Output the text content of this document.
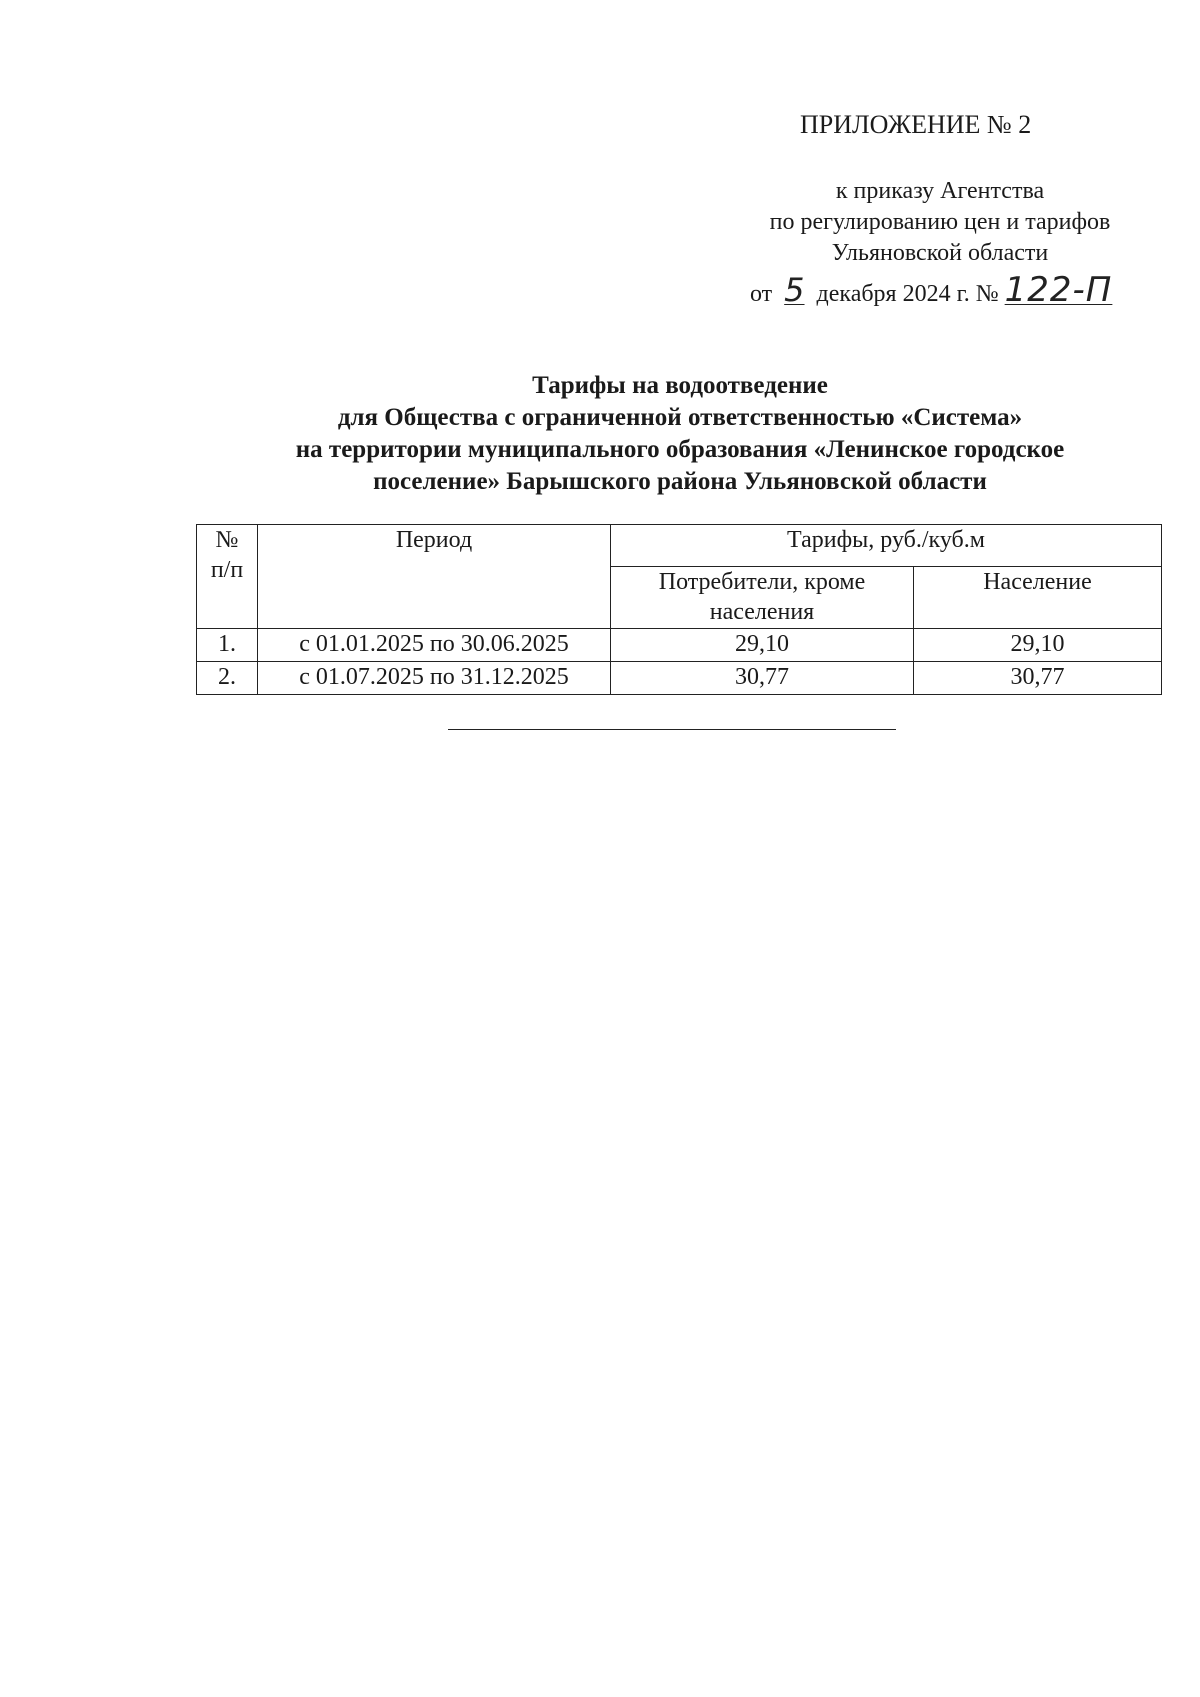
ПРИЛОЖЕНИЕ № 2
к приказу Агентства
по регулированию цен и тарифов
Ульяновской области
от 5 декабря 2024 г. № 122-П
Тарифы на водоотведение
для Общества с ограниченной ответственностью «Система»
на территории муниципального образования «Ленинское городское
поселение» Барышского района Ульяновской области
№ п/п	Период	Тарифы, руб./куб.м	
		Потребители, кроме населения	Население
1.	с 01.01.2025 по 30.06.2025	29,10	29,10
2.	с 01.07.2025 по 31.12.2025	30,77	30,77
